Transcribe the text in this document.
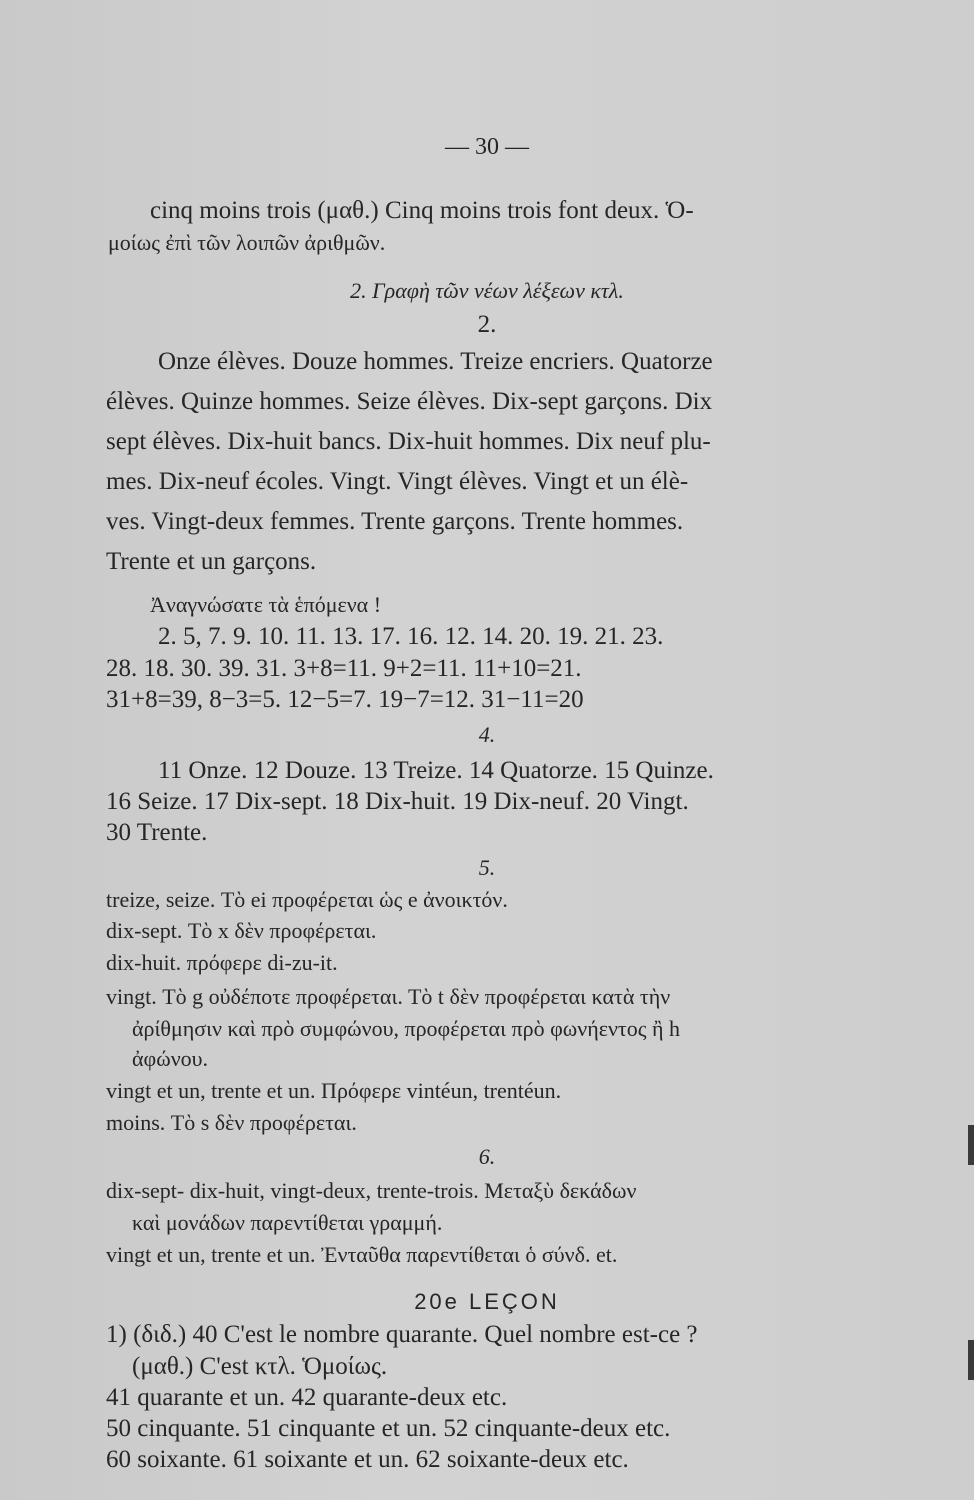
— 30 —
cinq moins trois (μαθ.) Cinq moins trois font deux. Ὁ-
μοίως ἐπὶ τῶν λοιπῶν ἀριθμῶν.
2. Γραφὴ τῶν νέων λέξεων κτλ.
2.
Onze élèves. Douze hommes. Treize encriers. Quatorze
élèves. Quinze hommes. Seize élèves. Dix-sept garçons. Dix
sept élèves. Dix-huit bancs. Dix-huit hommes. Dix neuf plu-
mes. Dix-neuf écoles. Vingt. Vingt élèves. Vingt et un élè-
ves. Vingt-deux femmes. Trente garçons. Trente hommes.
Trente et un garçons.
Ἀναγνώσατε τὰ ἑπόμενα !
2. 5, 7. 9. 10. 11. 13. 17. 16. 12. 14. 20. 19. 21. 23.
28. 18. 30. 39. 31. 3+8=11. 9+2=11. 11+10=21.
31+8=39, 8−3=5. 12−5=7. 19−7=12. 31−11=20
4.
11 Onze. 12 Douze. 13 Treize. 14 Quatorze. 15 Quinze.
16 Seize. 17 Dix-sept. 18 Dix-huit. 19 Dix-neuf. 20 Vingt.
30 Trente.
5.
treize, seize. Τὸ ei προφέρεται ὡς e ἀνοικτόν.
dix-sept. Τὸ x δὲν προφέρεται.
dix-huit. πρόφερε di-zu-it.
vingt. Τὸ g οὐδέποτε προφέρεται. Τὸ t δὲν προφέρεται κατὰ τὴν
ἀρίθμησιν καὶ πρὸ συμφώνου, προφέρεται πρὸ φωνήεντος ἢ h
ἀφώνου.
vingt et un, trente et un. Πρόφερε vintéun, trentéun.
moins. Τὸ s δὲν προφέρεται.
6.
dix-sept- dix-huit, vingt-deux, trente-trois. Μεταξὺ δεκάδων
καὶ μονάδων παρεντίθεται γραμμή.
vingt et un, trente et un. Ἐνταῦθα παρεντίθεται ὁ σύνδ. et.
20e LEÇON
1) (διδ.) 40 C'est le nombre quarante. Quel nombre est-ce ?
(μαθ.) C'est κτλ. Ὁμοίως.
41 quarante et un. 42 quarante-deux etc.
50 cinquante. 51 cinquante et un. 52 cinquante-deux etc.
60 soixante. 61 soixante et un. 62 soixante-deux etc.
